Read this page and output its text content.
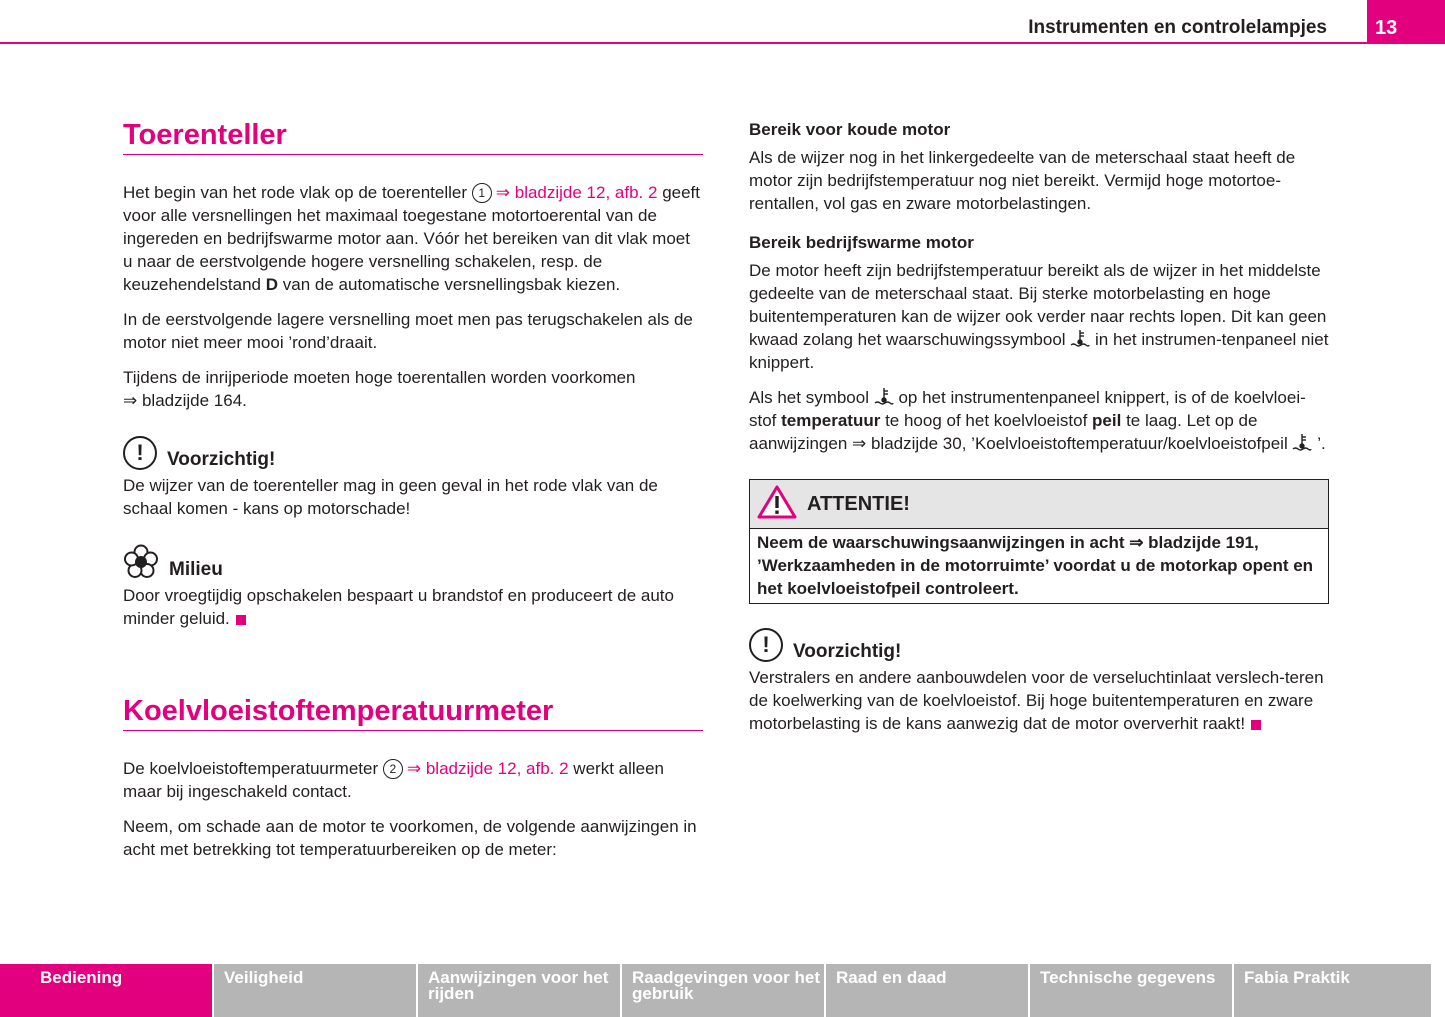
Instrumenten en controlelampjes	13
Toerenteller

Het begin van het rode vlak op de toerenteller 1 ⇒ bladzijde 12, afb. 2 geeft voor alle versnellingen het maximaal toegestane motortoerental van de ingereden en bedrijfswarme motor aan. Vóór het bereiken van dit vlak moet u naar de eerstvolgende hogere versnelling schakelen, resp. de keuzehendelstand D van de automatische versnellingsbak kiezen.

In de eerstvolgende lagere versnelling moet men pas terugschakelen als de motor niet meer mooi ’rond’draait.

Tijdens de inrijperiode moeten hoge toerentallen worden voorkomen
⇒ bladzijde 164.

!	Voorzichtig!

De wijzer van de toerenteller mag in geen geval in het rode vlak van de schaal komen - kans op motorschade!

Milieu

Door vroegtijdig opschakelen bespaart u brandstof en produceert de auto minder geluid.

Koelvloeistoftemperatuurmeter

De koelvloeistoftemperatuurmeter 2 ⇒ bladzijde 12, afb. 2 werkt alleen maar bij ingeschakeld contact.

Neem, om schade aan de motor te voorkomen, de volgende aanwijzingen in acht met betrekking tot temperatuurbereiken op de meter:

Bereik voor koude motor

Als de wijzer nog in het linkergedeelte van de meterschaal staat heeft de motor zijn bedrijfstemperatuur nog niet bereikt. Vermijd hoge motortoe-rentallen, vol gas en zware motorbelastingen.

Bereik bedrijfswarme motor

De motor heeft zijn bedrijfstemperatuur bereikt als de wijzer in het middelste gedeelte van de meterschaal staat. Bij sterke motorbelasting en hoge buitentemperaturen kan de wijzer ook verder naar rechts lopen. Dit kan geen kwaad zolang het waarschuwingssymbool in het instrumen-tenpaneel niet knippert.

Als het symbool op het instrumentenpaneel knippert, is of de koelvloei-stof temperatuur te hoog of het koelvloeistof peil te laag. Let op de aanwijzingen ⇒ bladzijde 30, ’Koelvloeistoftemperatuur/koelvloeistofpeil ’.

ATTENTIE!
Neem de waarschuwingsaanwijzingen in acht ⇒ bladzijde 191, ’Werkzaamheden in de motorruimte’ voordat u de motorkap opent en het koelvloeistofpeil controleert.
!	Voorzichtig!

Verstralers en andere aanbouwdelen voor de verseluchtinlaat verslech-teren de koelwerking van de koelvloeistof. Bij hoge buitentemperaturen en zware motorbelasting is de kans aanwezig dat de motor oververhit raakt!

Bediening	Veiligheid	Aanwijzingen voor het rijden
Raadgevingen voor het gebruik
Raad en daad	Technische gegevens	Fabia Praktik
